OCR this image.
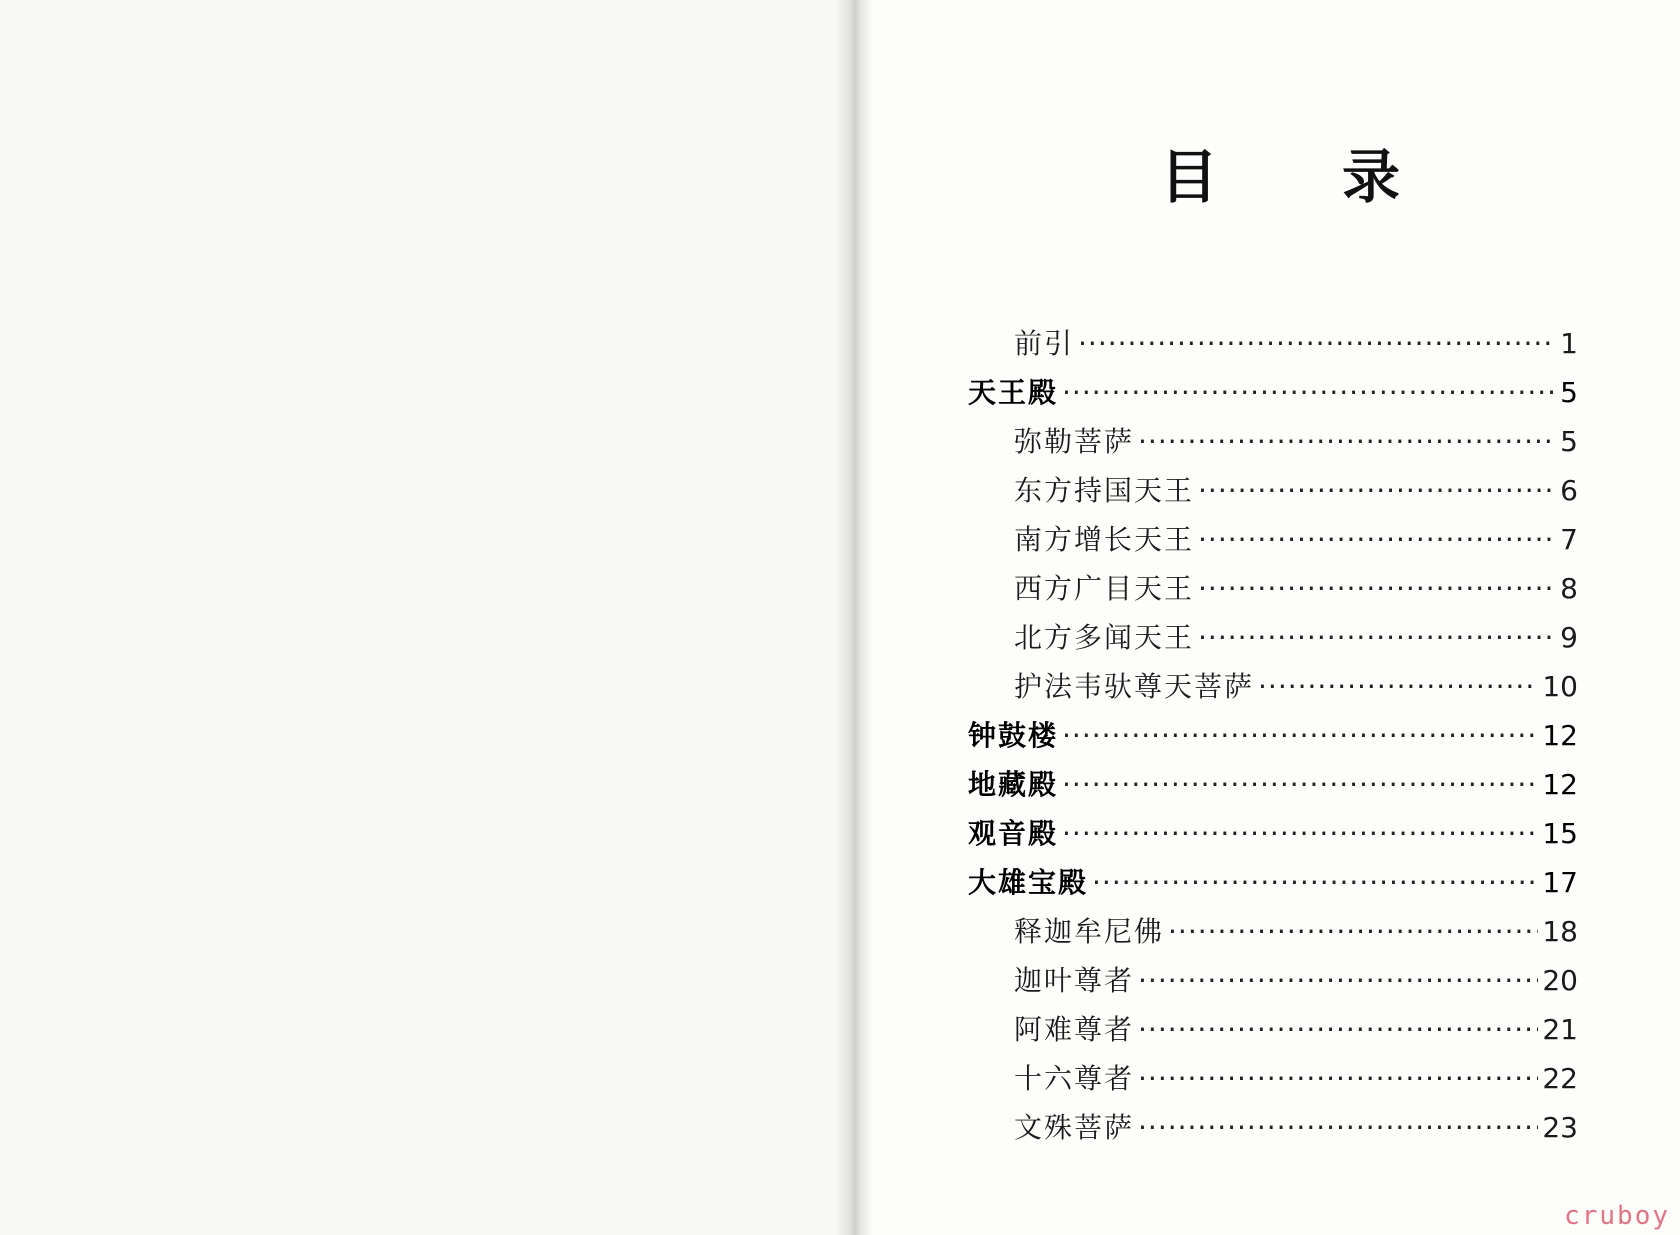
目 录
前引 ·····	1
天王殿 ·····	5
弥勒菩萨 ·····	5
东方持国天王 ·····	6
南方增长天王 ·····	7
西方广目天王 ·····	8
北方多闻天王 ·····	9
护法韦驮尊天菩萨 ·····	10
钟鼓楼 ·····	12
地藏殿 ·····	12
观音殿 ·····	15
大雄宝殿 ·····	17
释迦牟尼佛 ·····	18
迦叶尊者 ·····	20
阿难尊者 ·····	21
十六尊者 ·····	22
文殊菩萨 ·····	23
cruboy
